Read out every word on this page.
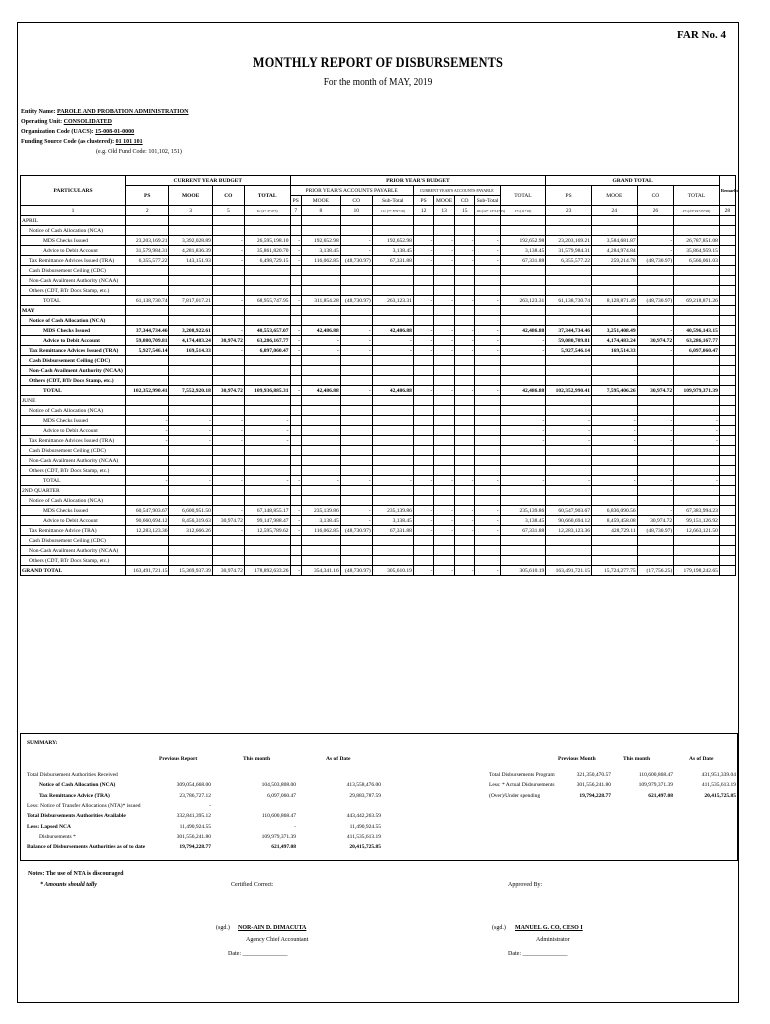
FAR No. 4
MONTHLY REPORT OF DISBURSEMENTS
For the month of MAY, 2019
Entity Name: PAROLE AND PROBATION ADMINISTRATION
Operating Unit: CONSOLIDATED
Organization Code (UACS): 15-008-01-0000
Funding Source Code (as clustered): 01 101 101
(e.g. Old Fund Code: 101,102, 151)
PARTICULARS	CURRENT YEAR BUDGET				PRIOR YEAR'S BUDGET									GRAND TOTAL				Remarks
	PS	MOOE	CO	TOTAL	PRIOR YEAR'S ACCOUNTS PAYABLE				CURRENT YEAR'S ACCOUNTS PAYABLE				TOTAL	PS	MOOE	CO	TOTAL	
					PS	MOOE	CO	Sub-Total	PS	MOOE	CO	Sub-Total						
1	2	3	5	6= (2+ 3+4+5)	7	8	10	11= (7+ 8+9+10)	12	13	15	16=(12+ 13+14+15)	17=(11+16)	23	24	26	27=(23+24+25+26)	28
APRIL																		
Notice of Cash Allocation (NCA)																		
MDS Checks Issued	23,203,169.21	3,392,028.89	-	26,595,198.10	-	192,652.98	-	192,652.98	-	-	-	-	192,652.98	23,203,169.21	3,584,681.87	-	26,787,851.08	
Advice to Debit Account	31,579,984.31	4,281,836.39	-	35,861,820.70	-	3,138.45	-	3,138.45	-	-	-	-	3,138.45	31,579,984.31	4,284,974.84	-	35,864,959.15	
Tax Remittance Advices Issued (TRA)	6,355,577.22	143,151.93	-	6,498,729.15	-	116,062.85	(48,730.97)	67,331.88	-	-	-	-	67,331.88	6,355,577.22	259,214.78	(48,730.97)	6,566,061.03	
Cash Disbursement Ceiling (CDC)																		
Non-Cash Availment Authority (NCAA)																		
Others (CDT, BTr Docs Stamp, etc.)																		
TOTAL	61,138,730.74	7,817,017.21	-	68,955,747.95	-	311,854.28	(48,730.97)	263,123.31	-	-	-	-	263,123.31	61,138,730.74	8,128,871.49	(48,730.97)	69,218,871.26	
MAY																		
Notice of Cash Allocation (NCA)																		
MDS Checks Issued	37,344,734.46	3,208,922.61	-	40,553,657.07	-	42,486.88	-	42,486.88	-	-	-	-	42,486.88	37,344,734.46	3,251,408.49	-	40,596,143.15	
Advice to Debit Account	59,080,709.81	4,174,483.24	30,974.72	63,286,167.77	-	-	-	-	-	-	-	-	-	59,080,709.81	4,174,483.24	30,974.72	63,286,167.77	
Tax Remittance Advices Issued (TRA)	5,927,546.14	169,514.33	-	6,097,060.47	-	-	-	-	-	-	-	-	-	5,927,546.14	169,514.33	-	6,097,060.47	
Cash Disbursement Ceiling (CDC)																		
Non-Cash Availment Authority (NCAA)																		
Others (CDT, BTr Docs Stamp, etc.)																		
TOTAL	102,352,990.41	7,552,920.18	30,974.72	109,936,885.31	-	42,486.88	-	42,486.88	-	-	-	-	42,486.88	102,352,990.41	7,595,406.26	30,974.72	109,979,371.39	
JUNE																		
Notice of Cash Allocation (NCA)																		
MDS Checks Issued	-	-	-	-									-	-	-	-	-	
Advice to Debit Account	-	-	-	-									-	-	-	-	-	
Tax Remittance Advices Issued (TRA)	-	-	-	-									-	-	-	-	-	
Cash Disbursement Ceiling (CDC)																		
Non-Cash Availment Authority (NCAA)																		
Others (CDT, BTr Docs Stamp, etc.)																		
TOTAL	-	-	-	-	-	-	-	-	-	-	-	-	-	-	-	-	-	
2ND QUARTER																		
Notice of Cash Allocation (NCA)																		
MDS Checks Issued	60,547,903.67	6,600,951.50	-	67,148,855.17	-	235,139.86	-	235,139.86	-	-	-	-	235,139.86	60,547,903.67	6,836,090.56	-	67,383,994.23	
Advice to Debit Account	90,660,694.12	8,456,319.63	30,974.72	99,147,988.47	-	3,138.45	-	3,138.45	-	-	-	-	3,138.45	90,660,694.12	8,459,458.08	30,974.72	99,151,126.92	
Tax Remittance Advice (TRA)	12,283,123.36	312,666.26	-	12,595,789.62	-	116,062.85	(48,730.97)	67,331.88	-	-	-	-	67,331.88	12,283,123.36	428,729.11	(48,730.97)	12,663,121.50	
Cash Disbursement Ceiling (CDC)																		
Non-Cash Availment Authority (NCAA)																		
Others (CDT, BTr Docs Stamp, etc.)																		
GRAND TOTAL	163,491,721.15	15,369,937.39	30,974.72	178,892,633.26	-	354,341.16	(48,730.97)	305,610.19	-	-	-	-	305,610.19	163,491,721.15	15,724,277.75	(17,756.25)	179,198,242.65	
SUMMARY:
Previous Report	This month	As of Date
Total Disbursement Authorities Received
Notice of Cash Allocation (NCA)	309,054,668.00	104,503,808.00	413,558,476.00
Tax Remittance Advice (TRA)	23,786,727.12	6,097,060.47	29,883,787.59
Less: Notice of Transfer Allocations (NTA)* issued	-
Total Disbursements Authorities Available	332,841,395.12	110,600,868.47	443,442,263.59
Less: Lapsed NCA	11,490,924.55	-	11,490,924.55
Disbursements *	301,556,241.80	109,979,371.39	411,535,613.19
Balance of Disbursements Authorities as of to date	19,794,228.77	621,497.08	20,415,725.85
Previous Month	This month	As of Date
Total Disbursements Program	321,350,470.57	110,600,868.47	431,951,339.04
Less: * Actual Disbursements	301,556,241.80	109,979,371.39	411,535,613.19
(Over)/Under spending	19,794,228.77	621,497.08	20,415,725.85
Notes: The use of NTA is discouraged
* Amounts should tally	Certified Correct:	Approved By:
(sgd.) NOR-AIN D. DIMACUTA
Agency Chief Accountant
Date: _______________
(sgd.) MANUEL G. CO, CESO I
Administrator
Date: _______________
